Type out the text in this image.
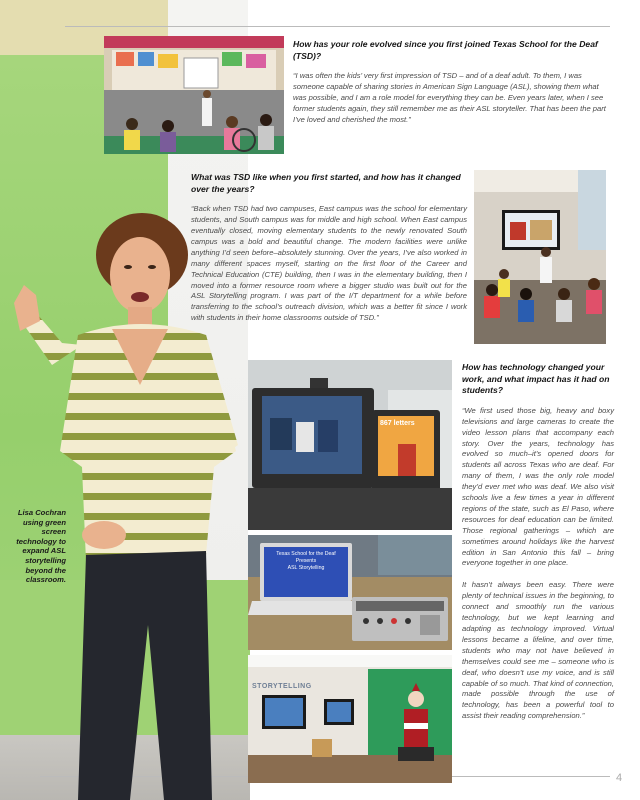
867 letters
Texas School for the Deaf
Presents
ASL Storytelling
STORYTELLING
Lisa Cochran using green screen technology to expand ASL storytelling beyond the classroom.
How has your role evolved since you first joined Texas School for the Deaf (TSD)?

“I was often the kids’ very first impression of TSD – and of a deaf adult. To them, I was someone capable of sharing stories in American Sign Language (ASL), showing them what was possible, and I am a role model for everything they can be. Even years later, when I see former students again, they still remember me as their ASL storyteller. That has been the part I’ve loved and cherished the most.”

What was TSD like when you first started, and how has it changed over the years?

“Back when TSD had two campuses, East campus was the school for elementary students, and South campus was for middle and high school. When East campus eventually closed, moving elementary students to the newly renovated South campus was a bold and beautiful change. The modern facilities were unlike anything I’d seen before–absolutely stunning. Over the years, I’ve also worked in many different spaces myself, starting on the first floor of the Career and Technical Education (CTE) building, then I was in the elementary building, then I moved into a former resource room where a bigger studio was built out for the ASL Storytelling program. I was part of the I/T department for a while before transferring to the school’s outreach division, which was a better fit since I work with students in their home classrooms outside of TSD.”

How has technology changed your work, and what impact has it had on students?

“We first used those big, heavy and boxy televisions and large cameras to create the video lesson plans that accompany each story. Over the years, technology has evolved so much–it’s opened doors for students all across Texas who are deaf. For many of them, I was the only role model they’d ever met who was deaf. We also visit schools live a few times a year in different regions of the state, such as El Paso, where resources for deaf education can be limited. Those regional gatherings – which are sometimes around holidays like the harvest edition in San Antonio this fall – bring everyone together in one place.

It hasn’t always been easy. There were plenty of technical issues in the beginning, to connect and smoothly run the various technology, but we kept learning and adapting as technology improved. Virtual lessons became a lifeline, and over time, students who may not have believed in themselves could see me – someone who is deaf, who doesn’t use my voice, and is still capable of so much. That kind of connection, made possible through the use of technology, has been a powerful tool to assist their reading comprehension.”

4
